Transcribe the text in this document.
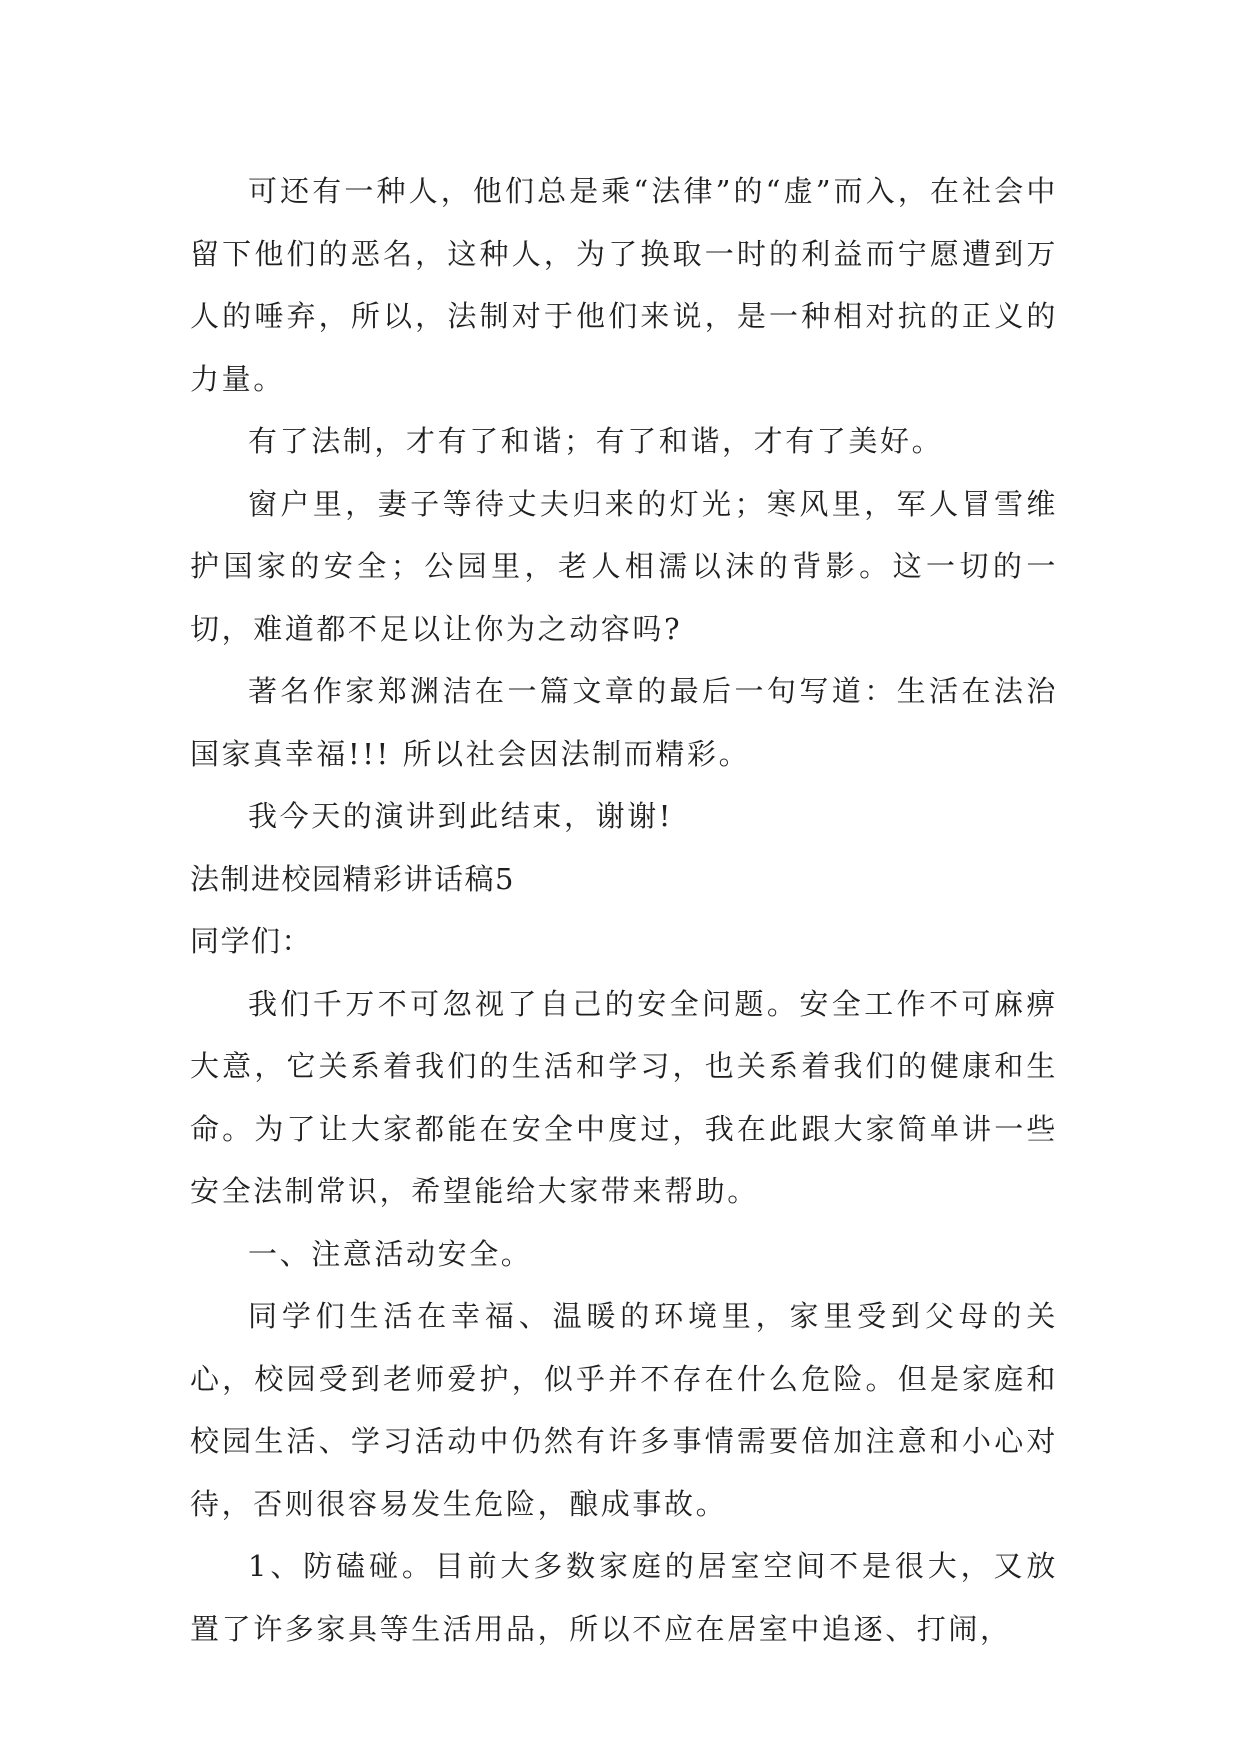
可还有一种人，他们总是乘“法律”的“虚”而入，在社会中留下他们的恶名，这种人，为了换取一时的利益而宁愿遭到万人的唾弃，所以，法制对于他们来说，是一种相对抗的正义的力量。

有了法制，才有了和谐；有了和谐，才有了美好。

窗户里，妻子等待丈夫归来的灯光；寒风里，军人冒雪维护国家的安全；公园里，老人相濡以沫的背影。这一切的一切，难道都不足以让你为之动容吗?

著名作家郑渊洁在一篇文章的最后一句写道：生活在法治国家真幸福!!! 所以社会因法制而精彩。

我今天的演讲到此结束，谢谢!

法制进校园精彩讲话稿5

同学们：

我们千万不可忽视了自己的安全问题。安全工作不可麻痹大意，它关系着我们的生活和学习，也关系着我们的健康和生命。为了让大家都能在安全中度过，我在此跟大家简单讲一些安全法制常识，希望能给大家带来帮助。

一、注意活动安全。

同学们生活在幸福、温暖的环境里，家里受到父母的关心，校园受到老师爱护，似乎并不存在什么危险。但是家庭和校园生活、学习活动中仍然有许多事情需要倍加注意和小心对待，否则很容易发生危险，酿成事故。

1、防磕碰。目前大多数家庭的居室空间不是很大，又放置了许多家具等生活用品，所以不应在居室中追逐、打闹，
